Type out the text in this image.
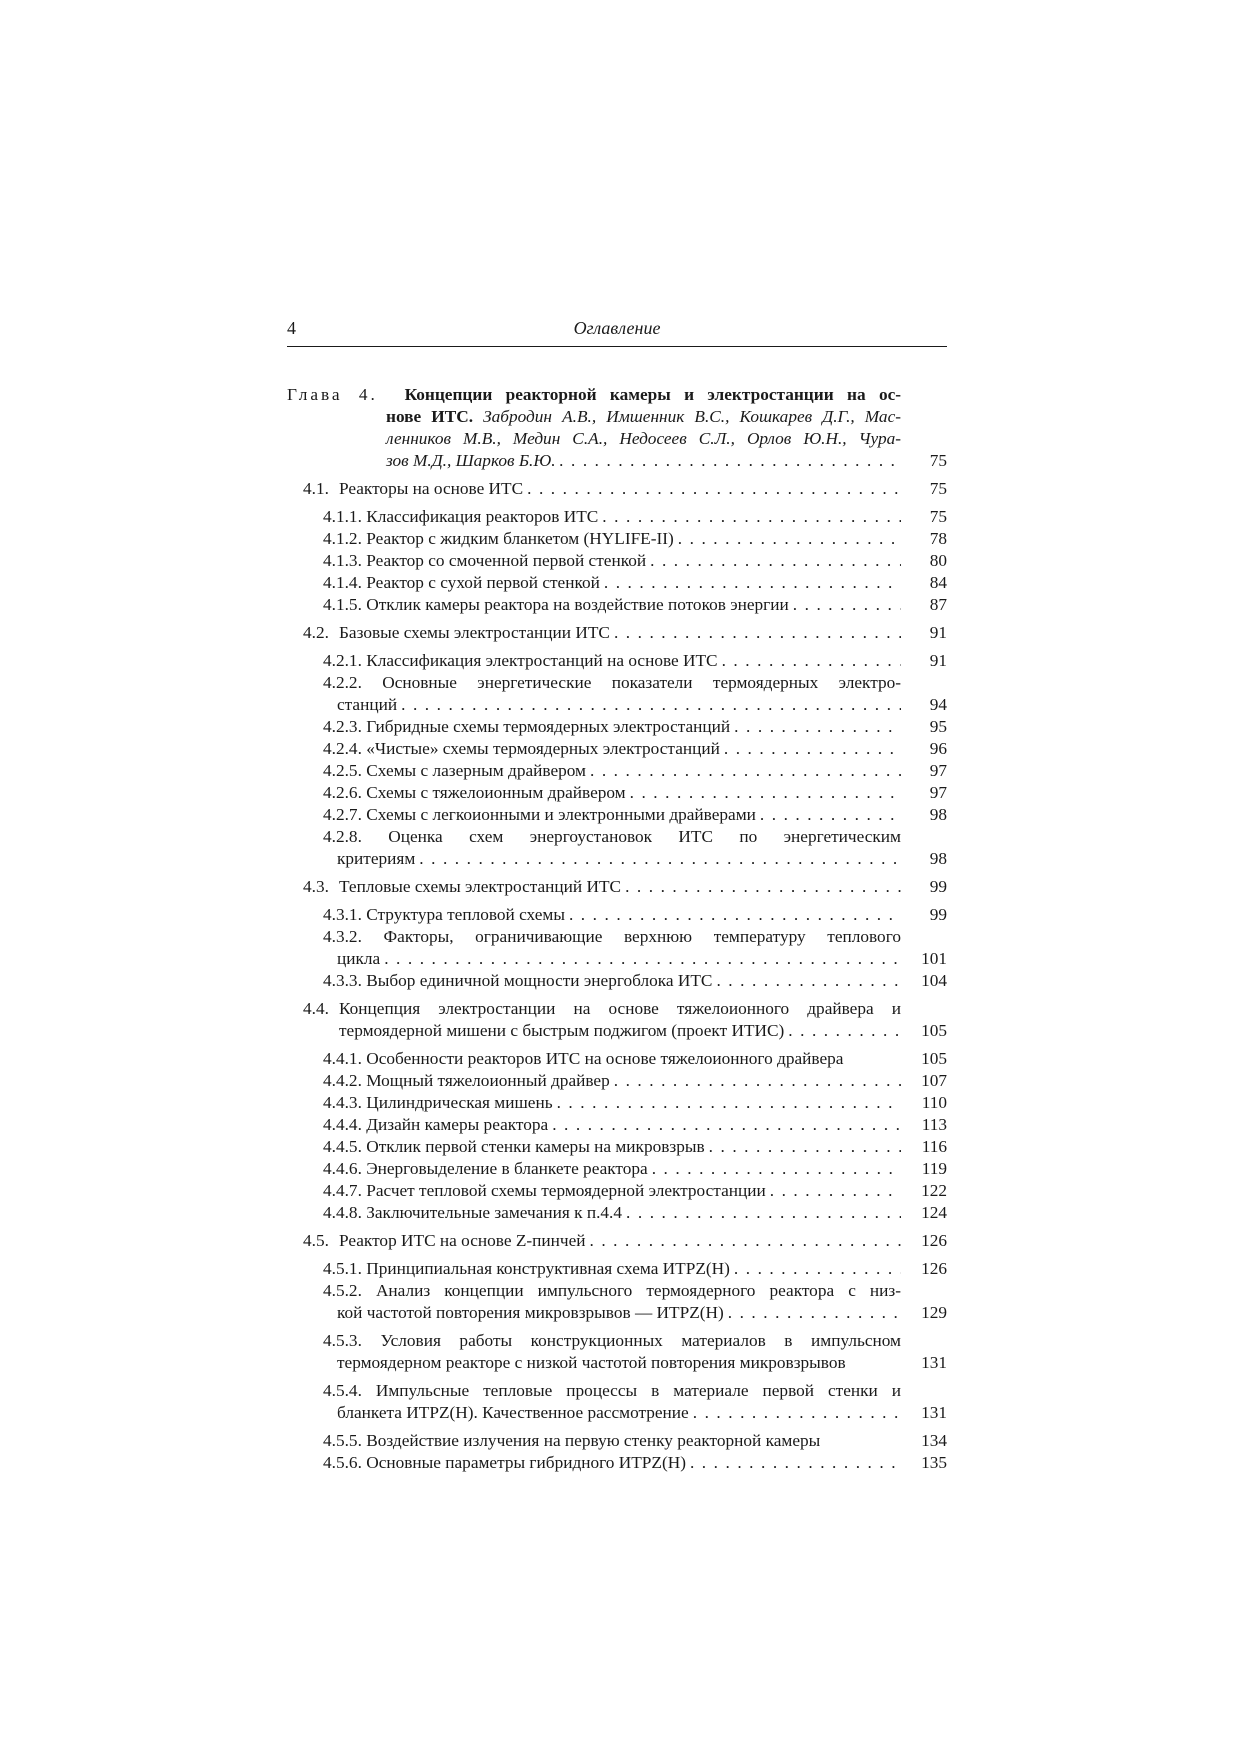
4	Оглавление
Глава 4. Концепции реакторной камеры и электростанции на ос-
нове ИТС. Забродин А.В., Имшенник В.С., Кошкарев Д.Г., Мас-
ленников М.В., Медин С.А., Недосеев С.Л., Орлов Ю.Н., Чура-
зов М.Д., Шарков Б.Ю. . . .	75
4.1. Реакторы на основе ИТС . . .	75
4.1.1. Классификация реакторов ИТС . . .	75
4.1.2. Реактор с жидким бланкетом (HYLIFE-II) . . .	78
4.1.3. Реактор со смоченной первой стенкой . . .	80
4.1.4. Реактор с сухой первой стенкой . . .	84
4.1.5. Отклик камеры реактора на воздействие потоков энергии . . .	87
4.2. Базовые схемы электростанции ИТС . . .	91
4.2.1. Классификация электростанций на основе ИТС . . .	91
4.2.2. Основные энергетические показатели термоядерных электро-
станций . . .	94
4.2.3. Гибридные схемы термоядерных электростанций . . .	95
4.2.4. «Чистые» схемы термоядерных электростанций . . .	96
4.2.5. Схемы с лазерным драйвером . . .	97
4.2.6. Схемы с тяжелоионным драйвером . . .	97
4.2.7. Схемы с легкоионными и электронными драйверами . . .	98
4.2.8. Оценка схем энергоустановок ИТС по энергетическим
критериям . . .	98
4.3. Тепловые схемы электростанций ИТС . . .	99
4.3.1. Структура тепловой схемы . . .	99
4.3.2. Факторы, ограничивающие верхнюю температуру теплового
цикла . . .	101
4.3.3. Выбор единичной мощности энергоблока ИТС . . .	104
4.4. Концепция электростанции на основе тяжелоионного драйвера и
термоядерной мишени с быстрым поджигом (проект ИТИС) . . .	105
4.4.1. Особенности реакторов ИТС на основе тяжелоионного драйвера	105
4.4.2. Мощный тяжелоионный драйвер . . .	107
4.4.3. Цилиндрическая мишень . . .	110
4.4.4. Дизайн камеры реактора . . .	113
4.4.5. Отклик первой стенки камеры на микровзрыв . . .	116
4.4.6. Энерговыделение в бланкете реактора . . .	119
4.4.7. Расчет тепловой схемы термоядерной электростанции . . .	122
4.4.8. Заключительные замечания к п.4.4 . . .	124
4.5. Реактор ИТС на основе Z-пинчей . . .	126
4.5.1. Принципиальная конструктивная схема ИТPZ(H) . . .	126
4.5.2. Анализ концепции импульсного термоядерного реактора с низ-
кой частотой повторения микровзрывов — ИТPZ(H) . . .	129
4.5.3. Условия работы конструкционных материалов в импульсном
термоядерном реакторе с низкой частотой повторения микровзрывов	131
4.5.4. Импульсные тепловые процессы в материале первой стенки и
бланкета ИТPZ(H). Качественное рассмотрение . . .	131
4.5.5. Воздействие излучения на первую стенку реакторной камеры	134
4.5.6. Основные параметры гибридного ИТPZ(H) . . .	135
